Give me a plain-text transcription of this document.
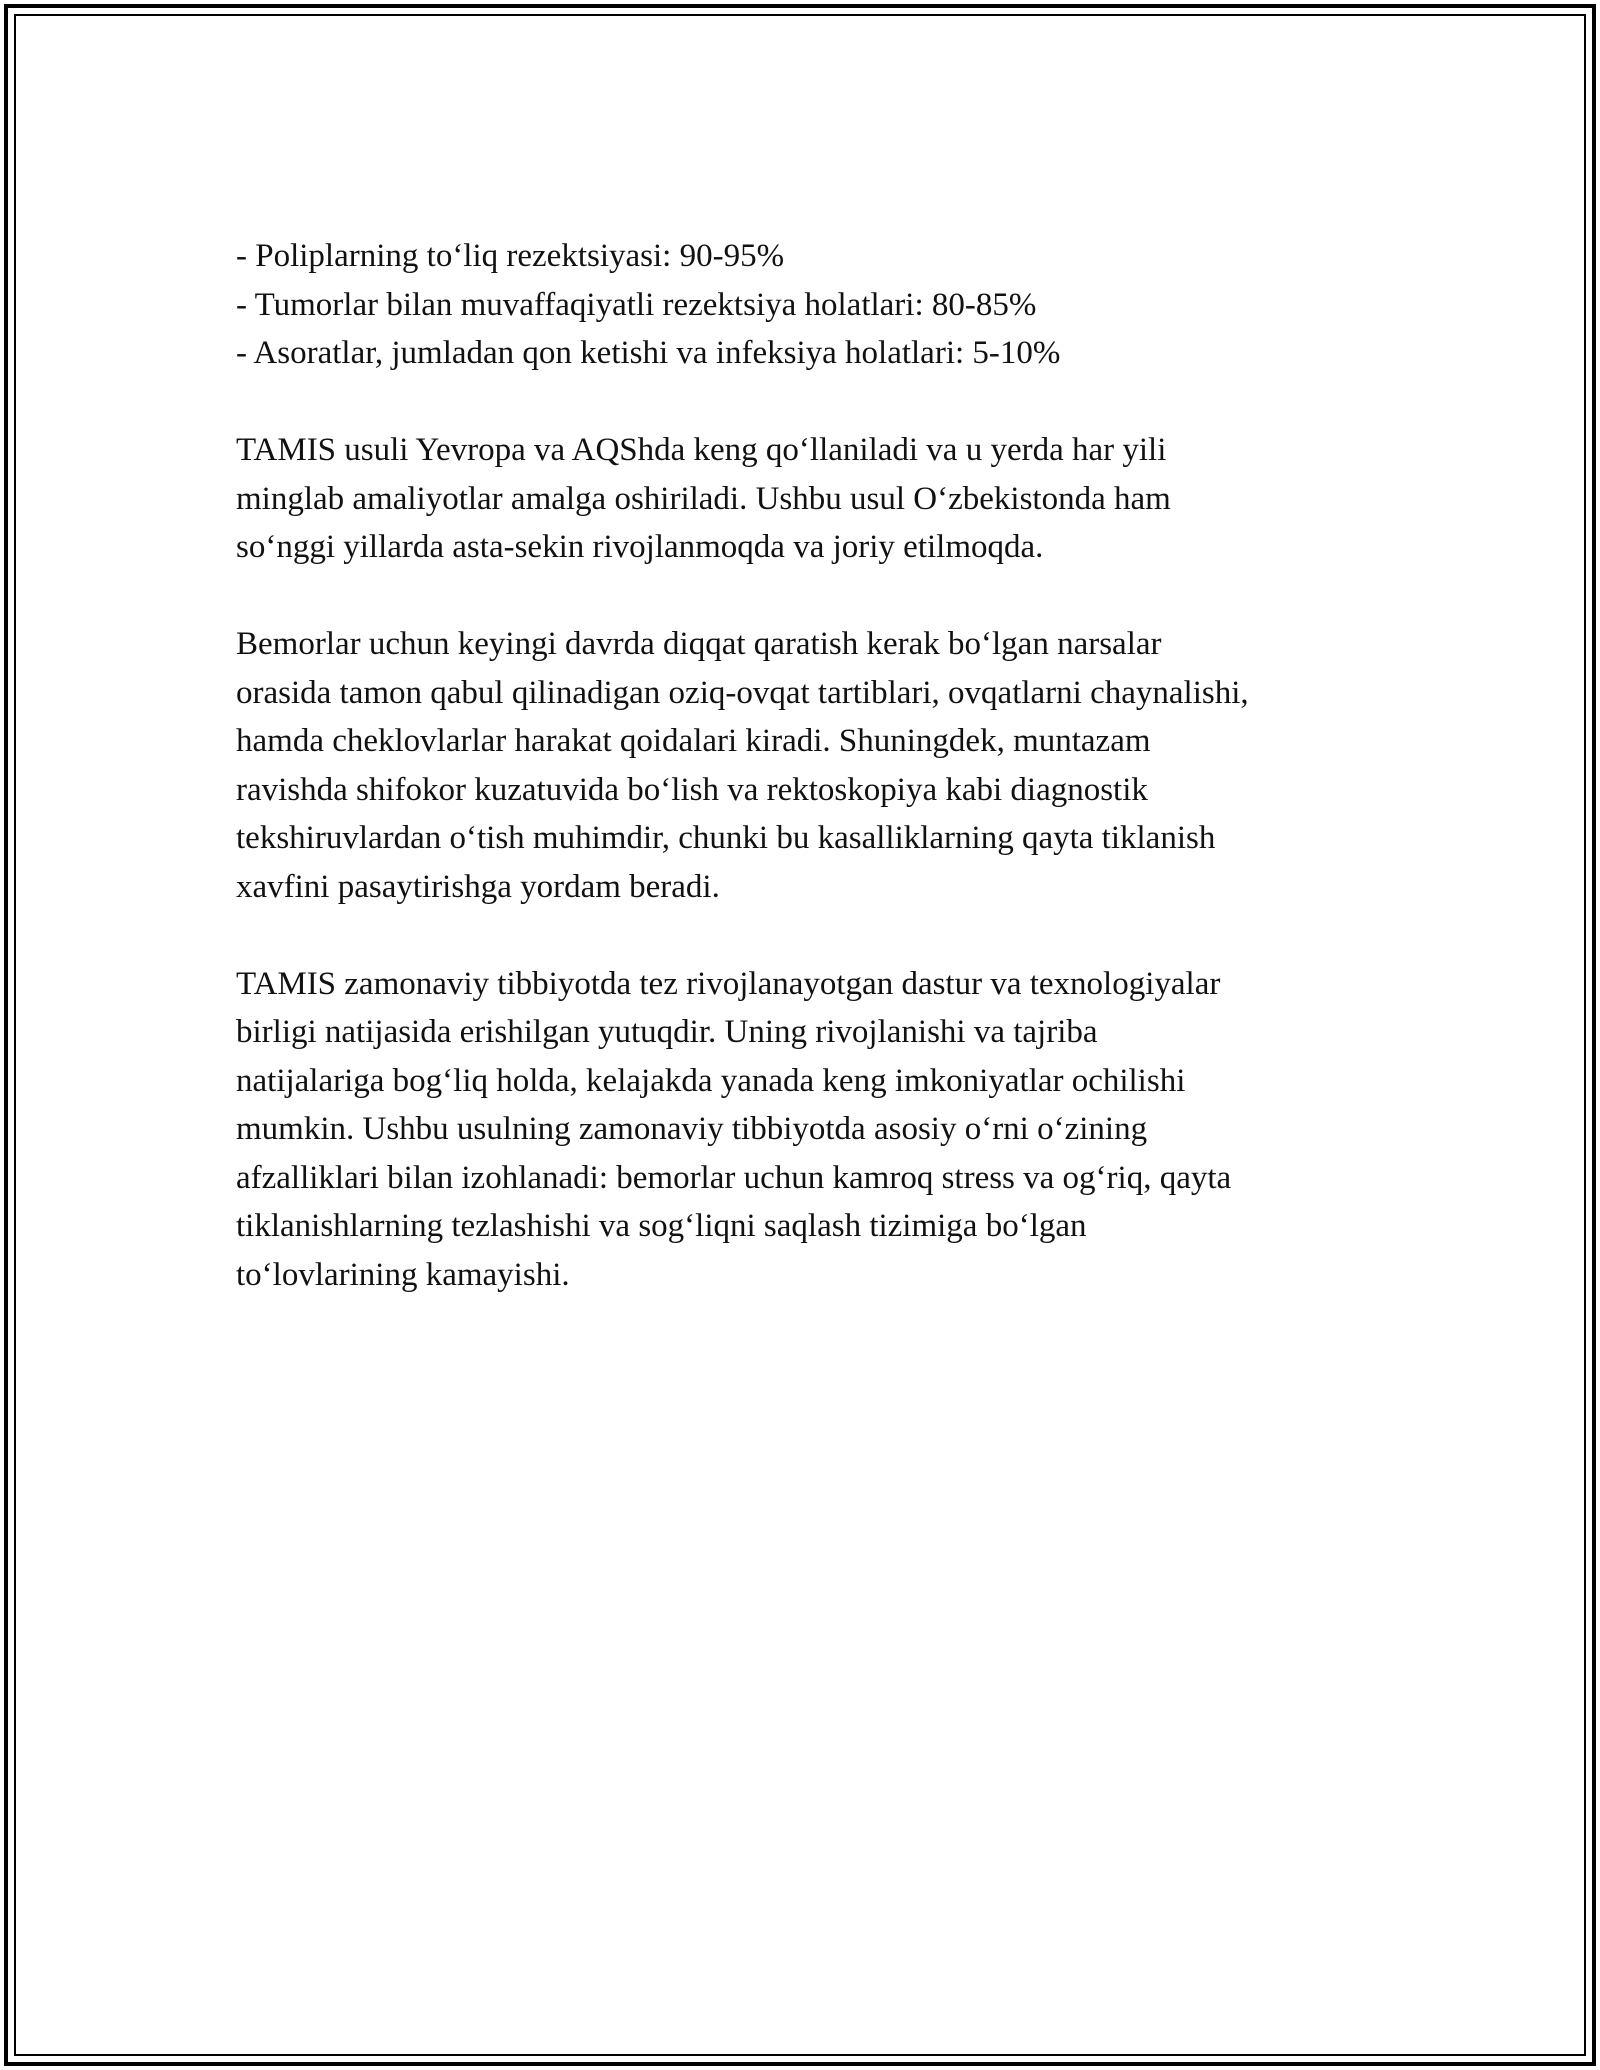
- Poliplarning to‘liq rezektsiyasi: 90-95%
- Tumorlar bilan muvaffaqiyatli rezektsiya holatlari: 80-85%
- Asoratlar, jumladan qon ketishi va infeksiya holatlari: 5-10%

TAMIS usuli Yevropa va AQShda keng qo‘llaniladi va u yerda har yili
minglab amaliyotlar amalga oshiriladi. Ushbu usul O‘zbekistonda ham
so‘nggi yillarda asta-sekin rivojlanmoqda va joriy etilmoqda.

Bemorlar uchun keyingi davrda diqqat qaratish kerak bo‘lgan narsalar
orasida tamon qabul qilinadigan oziq-ovqat tartiblari, ovqatlarni chaynalishi,
hamda cheklovlarlar harakat qoidalari kiradi. Shuningdek, muntazam
ravishda shifokor kuzatuvida bo‘lish va rektoskopiya kabi diagnostik
tekshiruvlardan o‘tish muhimdir, chunki bu kasalliklarning qayta tiklanish
xavfini pasaytirishga yordam beradi.

TAMIS zamonaviy tibbiyotda tez rivojlanayotgan dastur va texnologiyalar
birligi natijasida erishilgan yutuqdir. Uning rivojlanishi va tajriba
natijalariga bog‘liq holda, kelajakda yanada keng imkoniyatlar ochilishi
mumkin. Ushbu usulning zamonaviy tibbiyotda asosiy o‘rni o‘zining
afzalliklari bilan izohlanadi: bemorlar uchun kamroq stress va og‘riq, qayta
tiklanishlarning tezlashishi va sog‘liqni saqlash tizimiga bo‘lgan
to‘lovlarining kamayishi.
